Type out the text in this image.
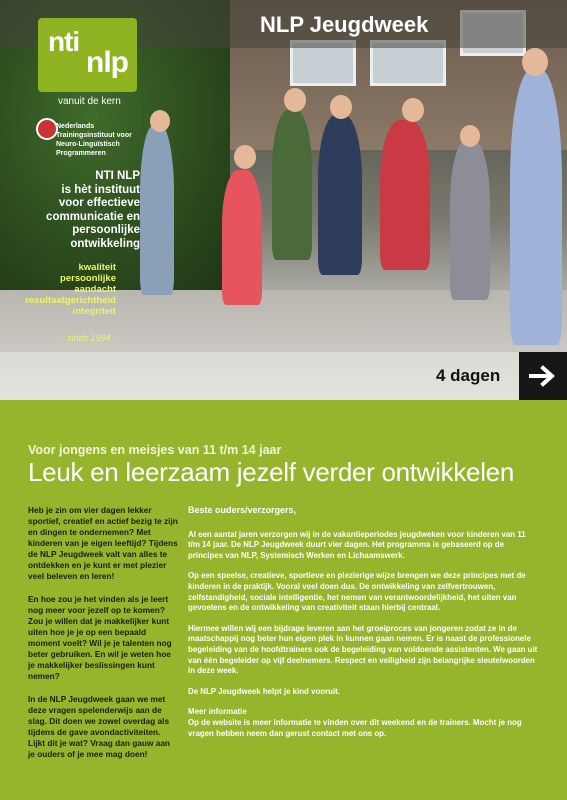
NLP Jeugdweek
nti
nlp
vanuit de kern
Nederlands Trainingsinstituut voor Neuro-Linguïstisch Programmeren
NTI NLP
is hèt instituut
voor effectieve
communicatie en
persoonlijke
ontwikkeling
kwaliteit
persoonlijke aandacht
resultaatgerichtheid
integriteit
- sinds 1994 -
4 dagen
Voor jongens en meisjes van 11 t/m 14 jaar
Leuk en leerzaam jezelf verder ontwikkelen

Heb je zin om vier dagen lekker sportief, creatief en actief bezig te zijn en dingen te ondernemen? Met kinderen van je eigen leeftijd? Tijdens de NLP Jeugdweek valt van alles te ontdekken en je kunt er met plezier veel beleven en leren!

En hoe zou je het vinden als je leert nog meer voor jezelf op te komen? Zou je willen dat je makkelijker kunt uiten hoe je je op een bepaald moment voelt? Wil je je talenten nog beter gebruiken. En wil je weten hoe je makkelijker beslissingen kunt nemen?

In de NLP Jeugdweek gaan we met deze vragen spelenderwijs aan de slag. Dit doen we zowel overdag als tijdens de gave avondactiviteiten. Lijkt dit je wat? Vraag dan gauw aan je ouders of je mee mag doen!

Beste ouders/verzorgers,

Al een aantal jaren verzorgen wij in de vakantieperiodes jeugdweken voor kinderen van 11 t/m 14 jaar. De NLP Jeugdweek duurt vier dagen. Het programma is gebaseerd op de principes van NLP, Systemisch Werken en Lichaamswerk.

Op een speelse, creatieve, sportieve en plezierige wijze brengen we deze principes met de kinderen in de praktijk. Vooral veel doen dus. De ontwikkeling van zelfvertrouwen, zelfstandigheid, sociale intelligentie, het nemen van verantwoordelijkheid, het uiten van gevoelens en de ontwikkeling van creativiteit staan hierbij centraal.

Hiermee willen wij een bijdrage leveren aan het groeiproces van jongeren zodat ze in de maatschappij nog beter hun eigen plek in kunnen gaan nemen. Er is naast de professionele begeleiding van de hoofdtrainers ook de begeleiding van voldoende assistenten. We gaan uit van één begeleider op vijf deelnemers. Respect en veiligheid zijn belangrijke sleutelwoorden in deze week.

De NLP Jeugdweek helpt je kind vooruit.

Meer informatie

Op de website is meer informatie te vinden over dit weekend en de trainers. Mocht je nog vragen hebben neem dan gerust contact met ons op.
